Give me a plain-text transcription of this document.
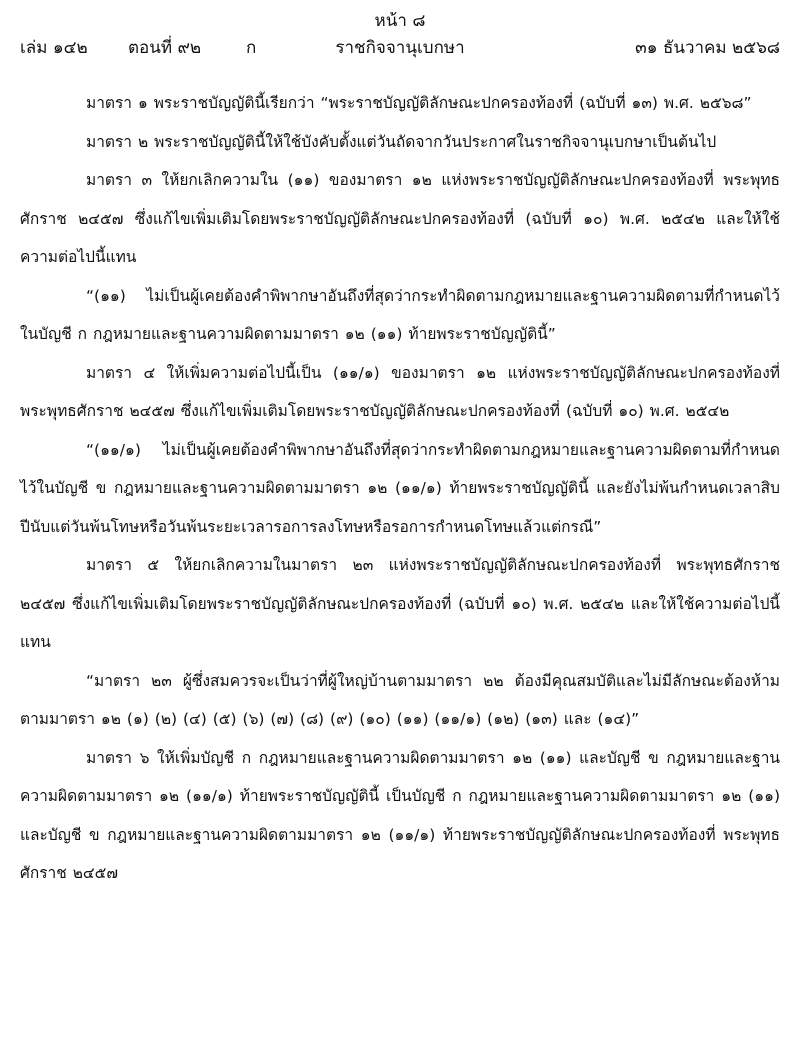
หน้า ๘
เล่ม ๑๔๒ ตอนที่ ๙๒	ก	ราชกิจจานุเบกษา	๓๑ ธันวาคม ๒๕๖๘

มาตรา ๑ พระราชบัญญัตินี้เรียกว่า “พระราชบัญญัติลักษณะปกครองท้องที่ (ฉบับที่ ๑๓) พ.ศ. ๒๕๖๘”

มาตรา ๒ พระราชบัญญัตินี้ให้ใช้บังคับตั้งแต่วันถัดจากวันประกาศในราชกิจจานุเบกษาเป็นต้นไป

มาตรา ๓ ให้ยกเลิกความใน (๑๑) ของมาตรา ๑๒ แห่งพระราชบัญญัติลักษณะปกครองท้องที่ พระพุทธศักราช ๒๔๕๗ ซึ่งแก้ไขเพิ่มเติมโดยพระราชบัญญัติลักษณะปกครองท้องที่ (ฉบับที่ ๑๐) พ.ศ. ๒๕๔๒ และให้ใช้ความต่อไปนี้แทน

“(๑๑) ไม่เป็นผู้เคยต้องคำพิพากษาอันถึงที่สุดว่ากระทำผิดตามกฎหมายและฐานความผิดตามที่กำหนดไว้ในบัญชี ก กฎหมายและฐานความผิดตามมาตรา ๑๒ (๑๑) ท้ายพระราชบัญญัตินี้”

มาตรา ๔ ให้เพิ่มความต่อไปนี้เป็น (๑๑/๑) ของมาตรา ๑๒ แห่งพระราชบัญญัติลักษณะปกครองท้องที่ พระพุทธศักราช ๒๔๕๗ ซึ่งแก้ไขเพิ่มเติมโดยพระราชบัญญัติลักษณะปกครองท้องที่ (ฉบับที่ ๑๐) พ.ศ. ๒๕๔๒

“(๑๑/๑) ไม่เป็นผู้เคยต้องคำพิพากษาอันถึงที่สุดว่ากระทำผิดตามกฎหมายและฐานความผิดตามที่กำหนดไว้ในบัญชี ข กฎหมายและฐานความผิดตามมาตรา ๑๒ (๑๑/๑) ท้ายพระราชบัญญัตินี้ และยังไม่พ้นกำหนดเวลาสิบปีนับแต่วันพ้นโทษหรือวันพ้นระยะเวลารอการลงโทษหรือรอการกำหนดโทษแล้วแต่กรณี”

มาตรา ๕ ให้ยกเลิกความในมาตรา ๒๓ แห่งพระราชบัญญัติลักษณะปกครองท้องที่ พระพุทธศักราช ๒๔๕๗ ซึ่งแก้ไขเพิ่มเติมโดยพระราชบัญญัติลักษณะปกครองท้องที่ (ฉบับที่ ๑๐) พ.ศ. ๒๕๔๒ และให้ใช้ความต่อไปนี้แทน

“มาตรา ๒๓ ผู้ซึ่งสมควรจะเป็นว่าที่ผู้ใหญ่บ้านตามมาตรา ๒๒ ต้องมีคุณสมบัติและไม่มีลักษณะต้องห้ามตามมาตรา ๑๒ (๑) (๒) (๔) (๕) (๖) (๗) (๘) (๙) (๑๐) (๑๑) (๑๑/๑) (๑๒) (๑๓) และ (๑๔)”

มาตรา ๖ ให้เพิ่มบัญชี ก กฎหมายและฐานความผิดตามมาตรา ๑๒ (๑๑) และบัญชี ข กฎหมายและฐานความผิดตามมาตรา ๑๒ (๑๑/๑) ท้ายพระราชบัญญัตินี้ เป็นบัญชี ก กฎหมายและฐานความผิดตามมาตรา ๑๒ (๑๑) และบัญชี ข กฎหมายและฐานความผิดตามมาตรา ๑๒ (๑๑/๑) ท้ายพระราชบัญญัติลักษณะปกครองท้องที่ พระพุทธศักราช ๒๔๕๗
